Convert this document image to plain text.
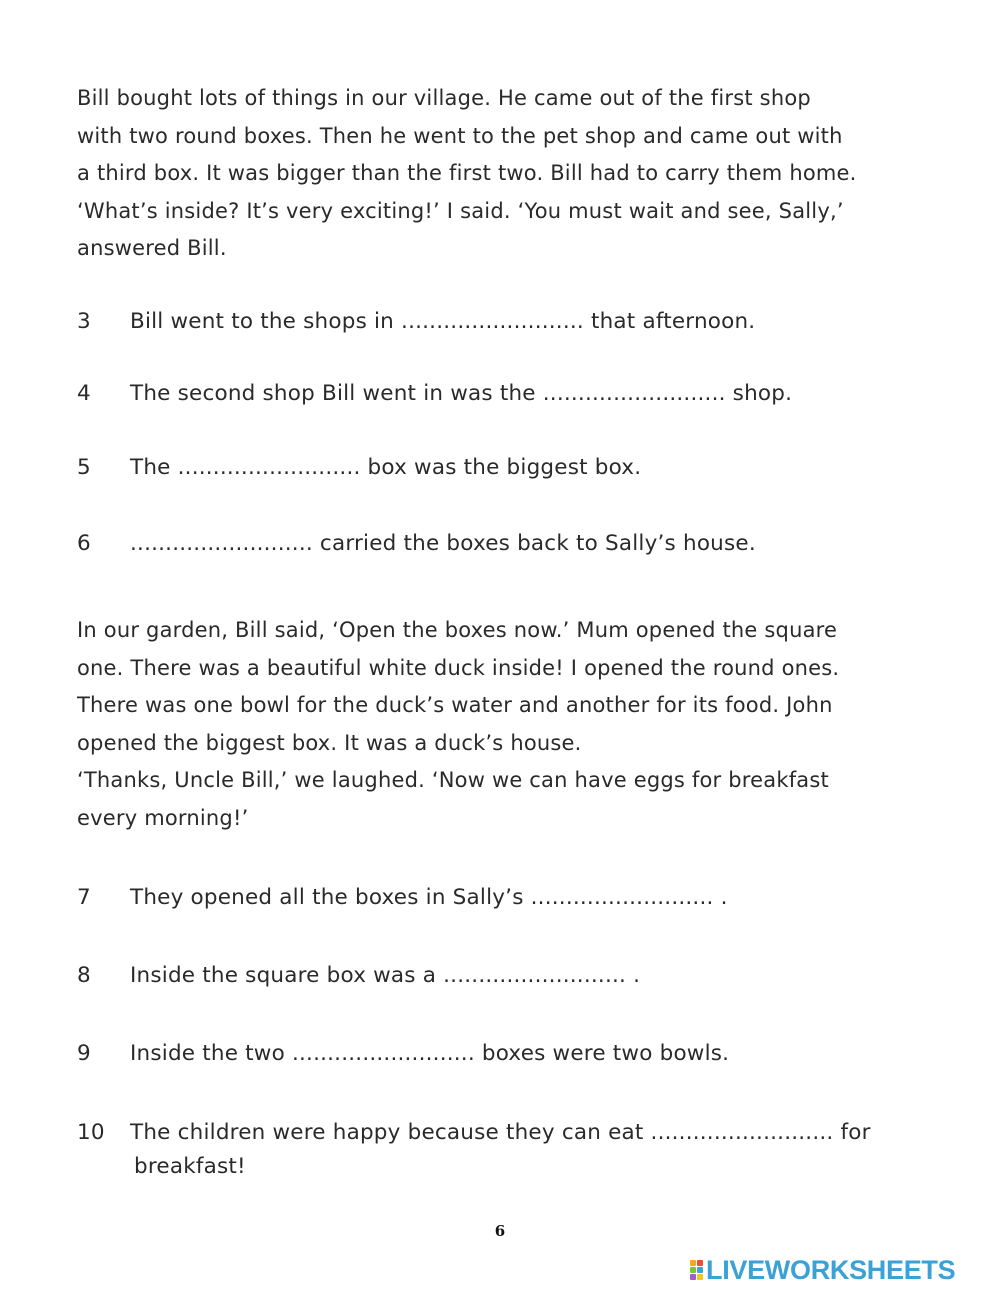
Bill bought lots of things in our village. He came out of the first shop

with two round boxes. Then he went to the pet shop and came out with

a third box. It was bigger than the first two. Bill had to carry them home.

‘What’s inside? It’s very exciting!’ I said. ‘You must wait and see, Sally,’

answered Bill.

3 Bill went to the shops in .......................... that afternoon.
4 The second shop Bill went in was the .......................... shop.
5 The .......................... box was the biggest box.
6 .......................... carried the boxes back to Sally’s house.

In our garden, Bill said, ‘Open the boxes now.’ Mum opened the square

one. There was a beautiful white duck inside! I opened the round ones.

There was one bowl for the duck’s water and another for its food. John

opened the biggest box. It was a duck’s house.

‘Thanks, Uncle Bill,’ we laughed. ‘Now we can have eggs for breakfast

every morning!’

7 They opened all the boxes in Sally’s .......................... .
8 Inside the square box was a .......................... .
9 Inside the two .......................... boxes were two bowls.
10 The children were happy because they can eat .......................... for
breakfast!
6
LIVEWORKSHEETS
